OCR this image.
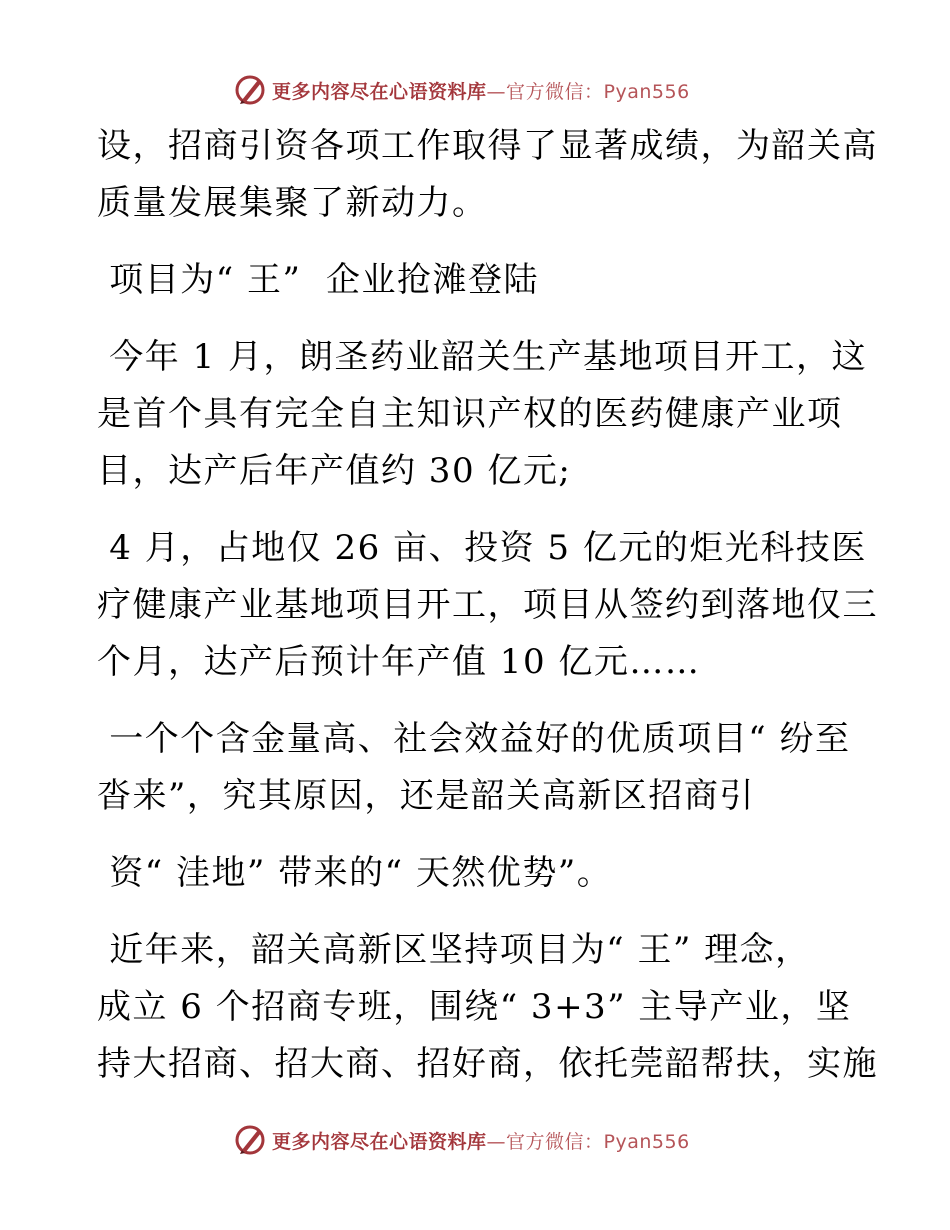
更多内容尽在心语资料库—官方微信：Pyan556

设，招商引资各项工作取得了显著成绩，为韶关高
质量发展集聚了新动力。

项目为“ 王”  企业抢滩登陆

今年 1 月，朗圣药业韶关生产基地项目开工，这
是首个具有完全自主知识产权的医药健康产业项
目，达产后年产值约 30 亿元;

4 月，占地仅 26 亩、投资 5 亿元的炬光科技医
疗健康产业基地项目开工，项目从签约到落地仅三
个月，达产后预计年产值 10 亿元……

一个个含金量高、社会效益好的优质项目“ 纷至
沓来”，究其原因，还是韶关高新区招商引

资“ 洼地” 带来的“ 天然优势”。

近年来，韶关高新区坚持项目为“ 王” 理念，
成立 6 个招商专班，围绕“ 3+3” 主导产业，坚
持大招商、招大商、招好商，依托莞韶帮扶，实施

更多内容尽在心语资料库—官方微信：Pyan556
